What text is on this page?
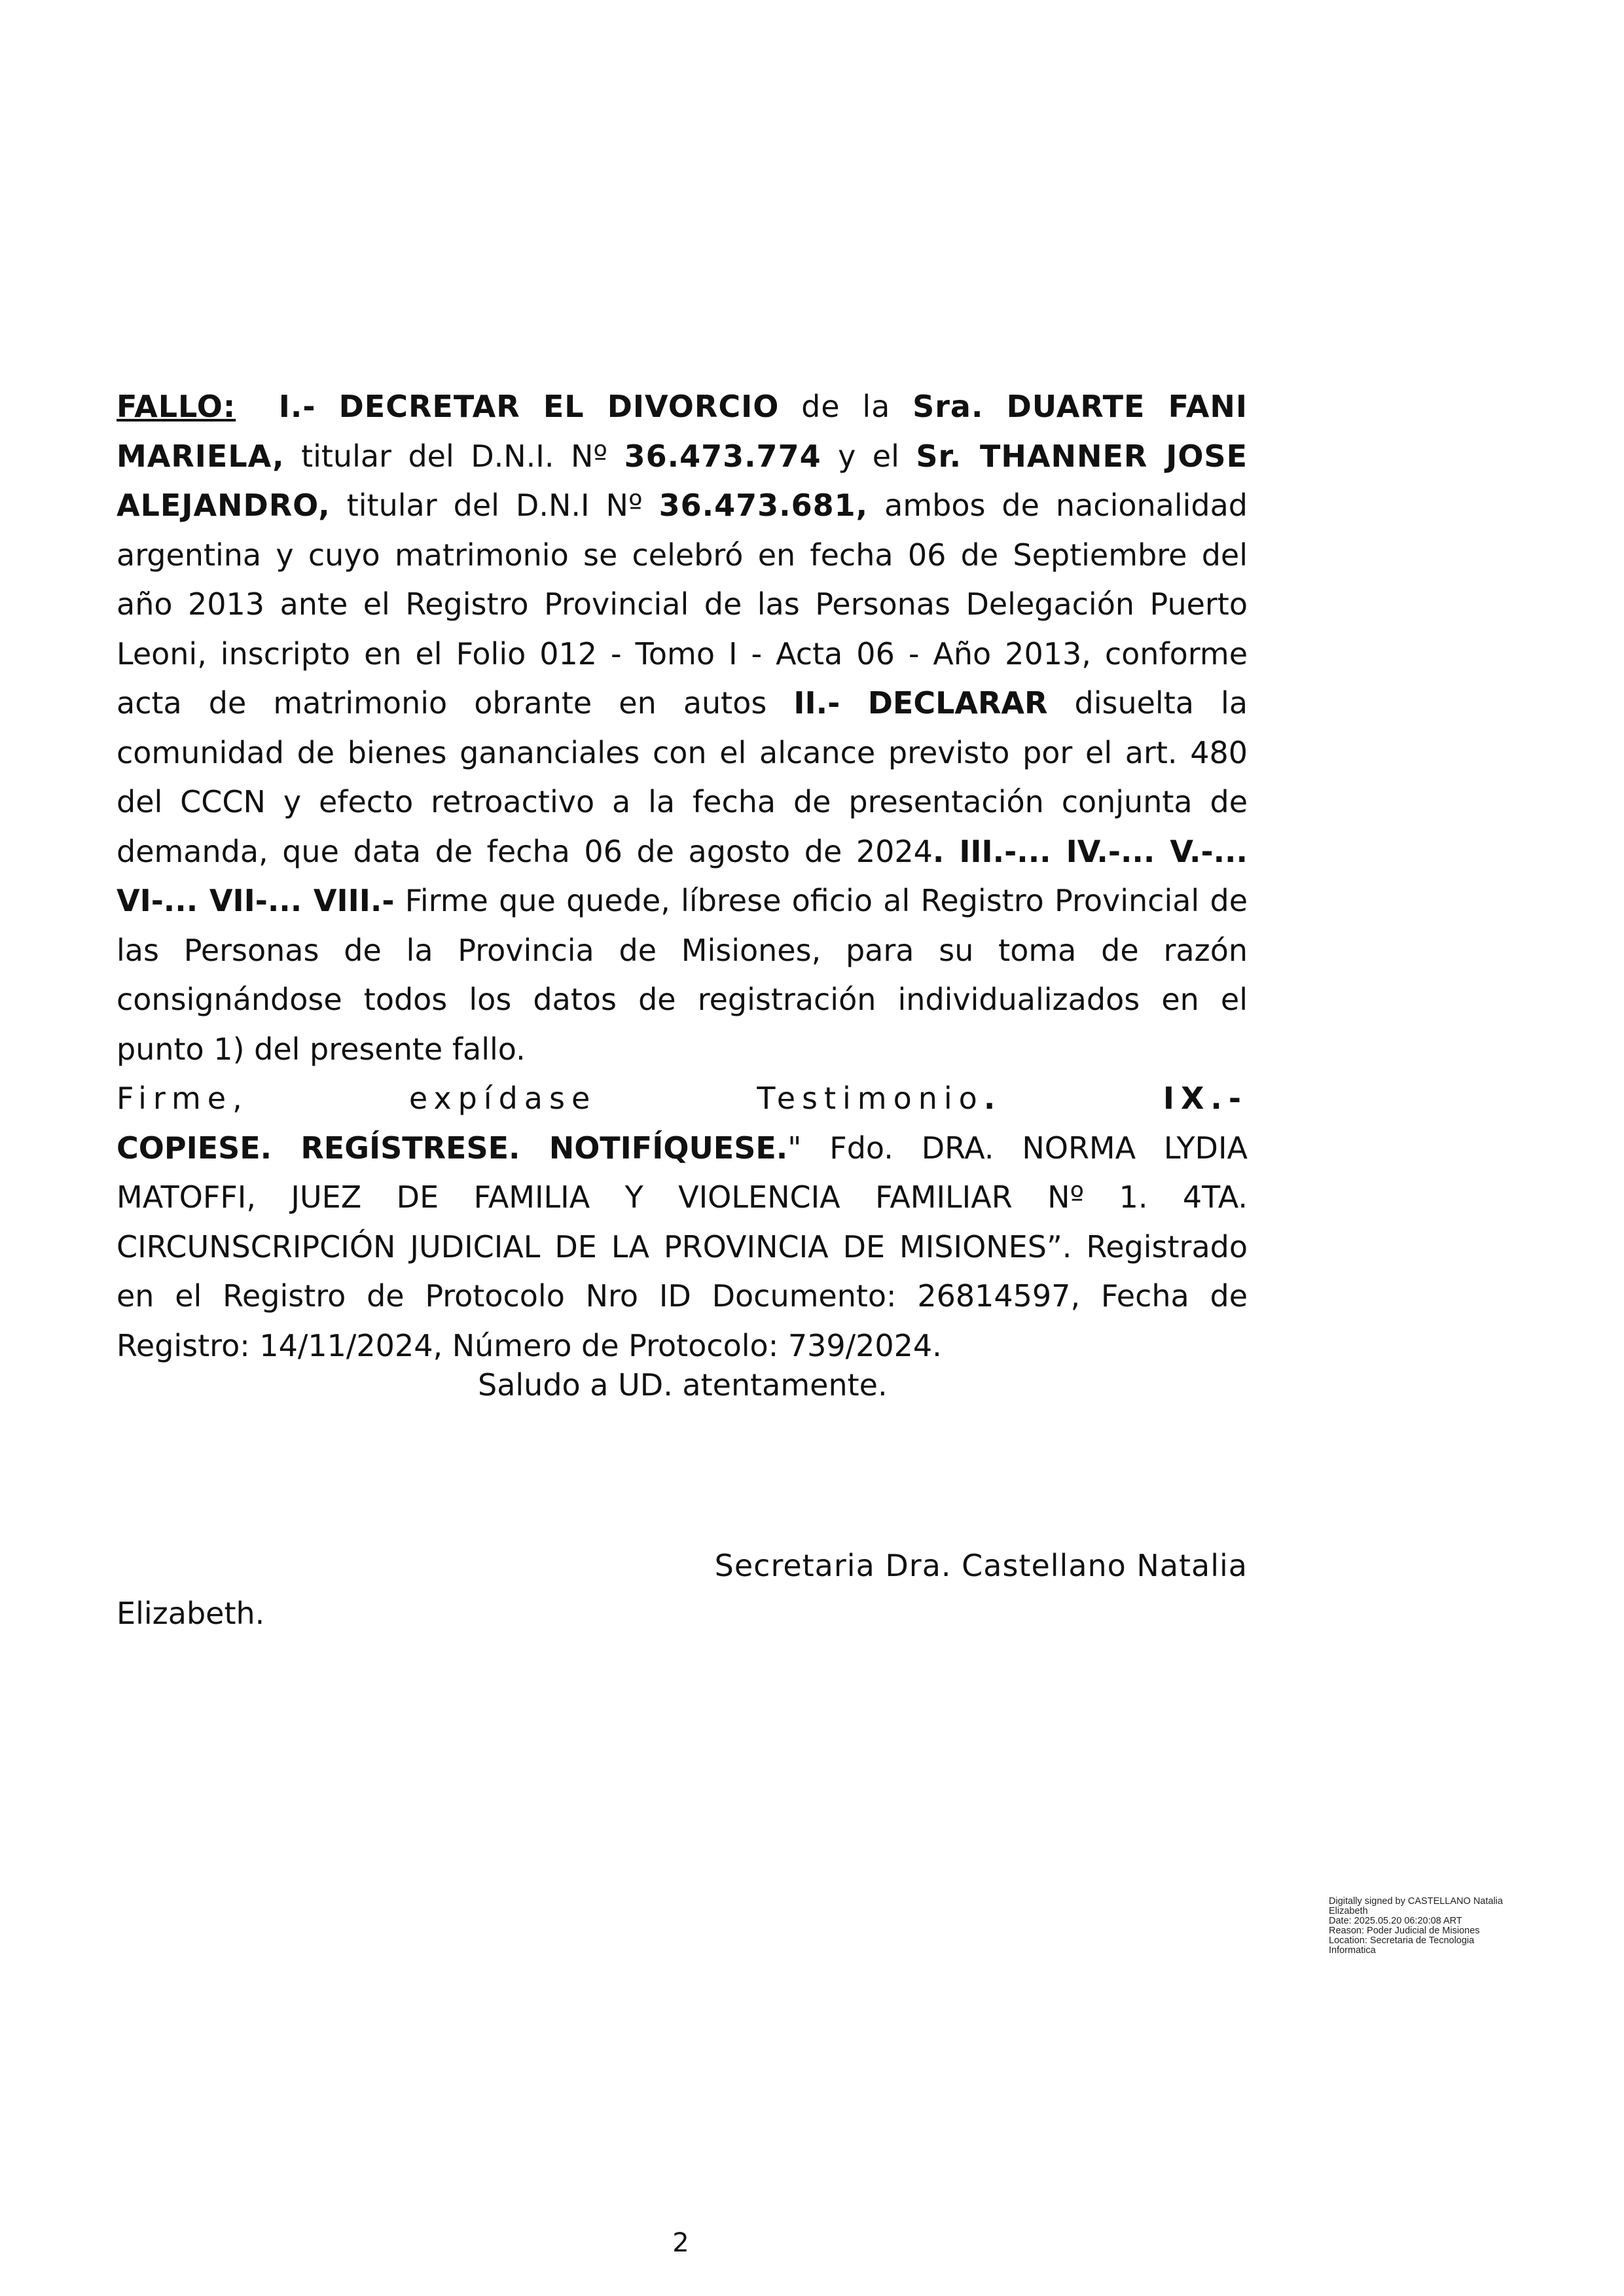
FALLO: I.- DECRETAR EL DIVORCIO de la Sra. DUARTE FANI MARIELA, titular del D.N.I. Nº 36.473.774 y el Sr. THANNER JOSE ALEJANDRO, titular del D.N.I Nº 36.473.681, ambos de nacionalidad argentina y cuyo matrimonio se celebró en fecha 06 de Septiembre del año 2013 ante el Registro Provincial de las Personas Delegación Puerto Leoni, inscripto en el Folio 012 - Tomo I - Acta 06 - Año 2013, conforme acta de matrimonio obrante en autos II.- DECLARAR disuelta la comunidad de bienes gananciales con el alcance previsto por el art. 480 del CCCN y efecto retroactivo a la fecha de presentación conjunta de demanda, que data de fecha 06 de agosto de 2024. III.-... IV.-... V.-... VI-... VII-... VIII.- Firme que quede, líbrese oficio al Registro Provincial de las Personas de la Provincia de Misiones, para su toma de razón consignándose todos los datos de registración individualizados en el punto 1) del presente fallo.
Firme, expídase Testimonio. IX.-
COPIESE. REGÍSTRESE. NOTIFÍQUESE." Fdo. DRA. NORMA LYDIA MATOFFI, JUEZ DE FAMILIA Y VIOLENCIA FAMILIAR Nº 1. 4TA. CIRCUNSCRIPCIÓN JUDICIAL DE LA PROVINCIA DE MISIONES”. Registrado en el Registro de Protocolo Nro ID Documento: 26814597, Fecha de Registro: 14/11/2024, Número de Protocolo: 739/2024.

Saludo a UD. atentamente.

Secretaria Dra. Castellano Natalia

Elizabeth.

Digitally signed by CASTELLANO Natalia
Elizabeth
Date: 2025.05.20 06:20:08 ART
Reason: Poder Judicial de Misiones
Location: Secretaria de Tecnologia
Informatica
2
